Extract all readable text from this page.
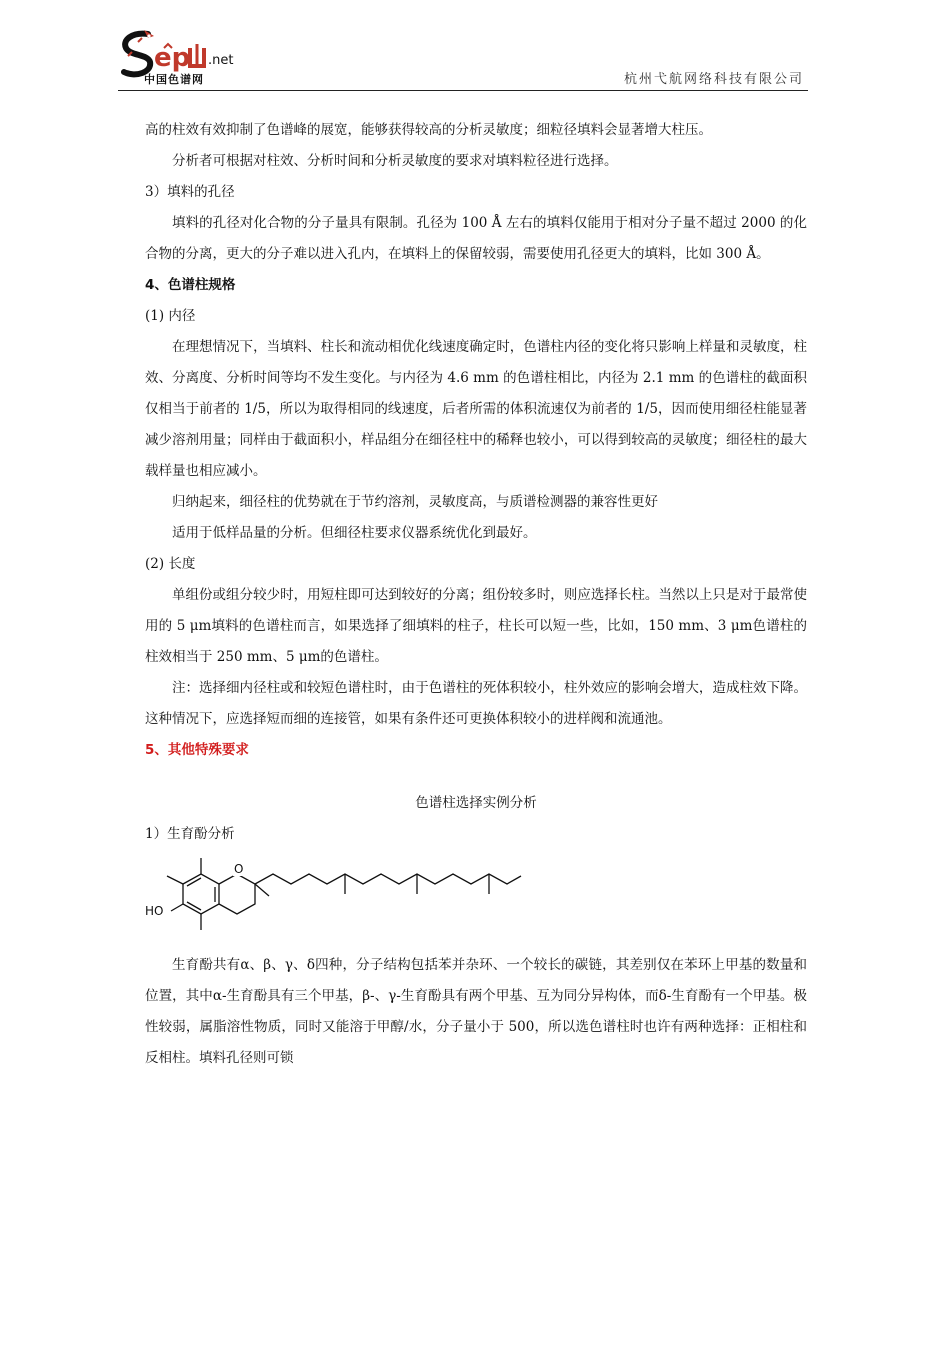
ep .net
中国色谱网	杭州弋航网络科技有限公司

高的柱效有效抑制了色谱峰的展宽，能够获得较高的分析灵敏度；细粒径填料会显著增大柱压。

分析者可根据对柱效、分析时间和分析灵敏度的要求对填料粒径进行选择。

3）填料的孔径

填料的孔径对化合物的分子量具有限制。孔径为 100 Å 左右的填料仅能用于相对分子量不超过 2000 的化合物的分离，更大的分子难以进入孔内，在填料上的保留较弱，需要使用孔径更大的填料，比如 300 Å。

4、色谱柱规格

(1) 内径

在理想情况下，当填料、柱长和流动相优化线速度确定时，色谱柱内径的变化将只影响上样量和灵敏度，柱效、分离度、分析时间等均不发生变化。与内径为 4.6 mm 的色谱柱相比，内径为 2.1 mm 的色谱柱的截面积仅相当于前者的 1/5，所以为取得相同的线速度，后者所需的体积流速仅为前者的 1/5，因而使用细径柱能显著减少溶剂用量；同样由于截面积小，样品组分在细径柱中的稀释也较小，可以得到较高的灵敏度；细径柱的最大载样量也相应减小。

归纳起来，细径柱的优势就在于节约溶剂，灵敏度高，与质谱检测器的兼容性更好

适用于低样品量的分析。但细径柱要求仪器系统优化到最好。

(2) 长度

单组份或组分较少时，用短柱即可达到较好的分离；组份较多时，则应选择长柱。当然以上只是对于最常使用的 5 μm填料的色谱柱而言，如果选择了细填料的柱子，柱长可以短一些，比如，150 mm、3 μm色谱柱的柱效相当于 250 mm、5 μm的色谱柱。

注：选择细内径柱或和较短色谱柱时，由于色谱柱的死体积较小，柱外效应的影响会增大，造成柱效下降。这种情况下，应选择短而细的连接管，如果有条件还可更换体积较小的进样阀和流通池。

5、其他特殊要求

色谱柱选择实例分析

1）生育酚分析

HO
O

生育酚共有α、β、γ、δ四种，分子结构包括苯并杂环、一个较长的碳链，其差别仅在苯环上甲基的数量和位置，其中α-生育酚具有三个甲基，β-、γ-生育酚具有两个甲基、互为同分异构体，而δ-生育酚有一个甲基。极性较弱，属脂溶性物质，同时又能溶于甲醇/水，分子量小于 500，所以选色谱柱时也许有两种选择：正相柱和反相柱。填料孔径则可锁
